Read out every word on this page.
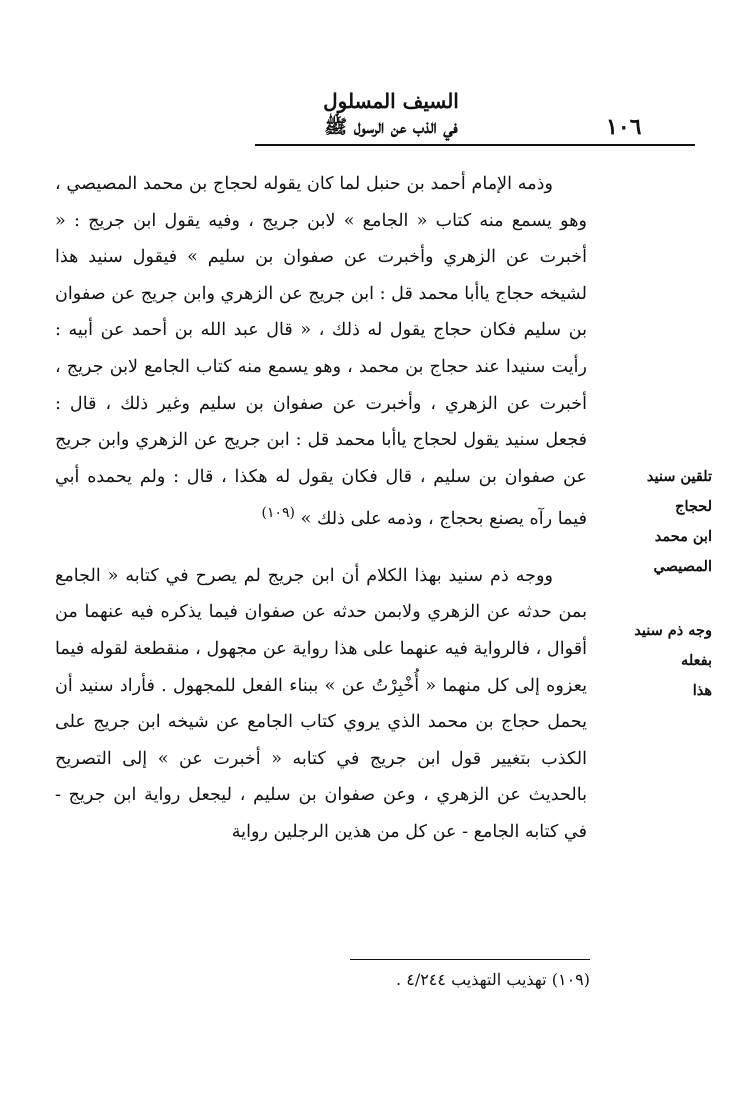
١٠٦
السيف المسلول
في الذب عن الرسول ﷺ

وذمه الإمام أحمد بن حنبل لما كان يقوله لحجاج بن محمد المصيصي ، وهو يسمع منه كتاب « الجامع » لابن جريج ، وفيه يقول ابن جريج : « أخبرت عن الزهري وأخبرت عن صفوان بن سليم » فيقول سنيد هذا لشيخه حجاج ياأبا محمد قل : ابن جريج عن الزهري وابن جريج عن صفوان بن سليم فكان حجاج يقول له ذلك ، « قال عبد الله بن أحمد عن أبيه : رأيت سنيدا عند حجاج بن محمد ، وهو يسمع منه كتاب الجامع لابن جريج ، أخبرت عن الزهري ، وأخبرت عن صفوان بن سليم وغير ذلك ، قال : فجعل سنيد يقول لحجاج ياأبا محمد قل : ابن جريج عن الزهري وابن جريج عن صفوان بن سليم ، قال فكان يقول له هكذا ، قال : ولم يحمده أبي فيما رآه يصنع بحجاج ، وذمه على ذلك » $^{(١٠٩)}$

ووجه ذم سنيد بهذا الكلام أن ابن جريج لم يصرح في كتابه « الجامع بمن حدثه عن الزهري ولابمن حدثه عن صفوان فيما يذكره فيه عنهما من أقوال ، فالرواية فيه عنهما على هذا رواية عن مجهول ، منقطعة لقوله فيما يعزوه إلى كل منهما « أُخْبِرْتُ عن » ببناء الفعل للمجهول . فأراد سنيد أن يحمل حجاج بن محمد الذي يروي كتاب الجامع عن شيخه ابن جريج على الكذب بتغيير قول ابن جريج في كتابه « أخبرت عن » إلى التصريح بالحديث عن الزهري ، وعن صفوان بن سليم ، ليجعل رواية ابن جريج - في كتابه الجامع - عن كل من هذين الرجلين رواية

تلقين سنيد لحجاج
ابن محمد
المصيصي
وجه ذم سنيد بفعله
هذا
(١٠٩) تهذيب التهذيب ٤/٢٤٤ .
